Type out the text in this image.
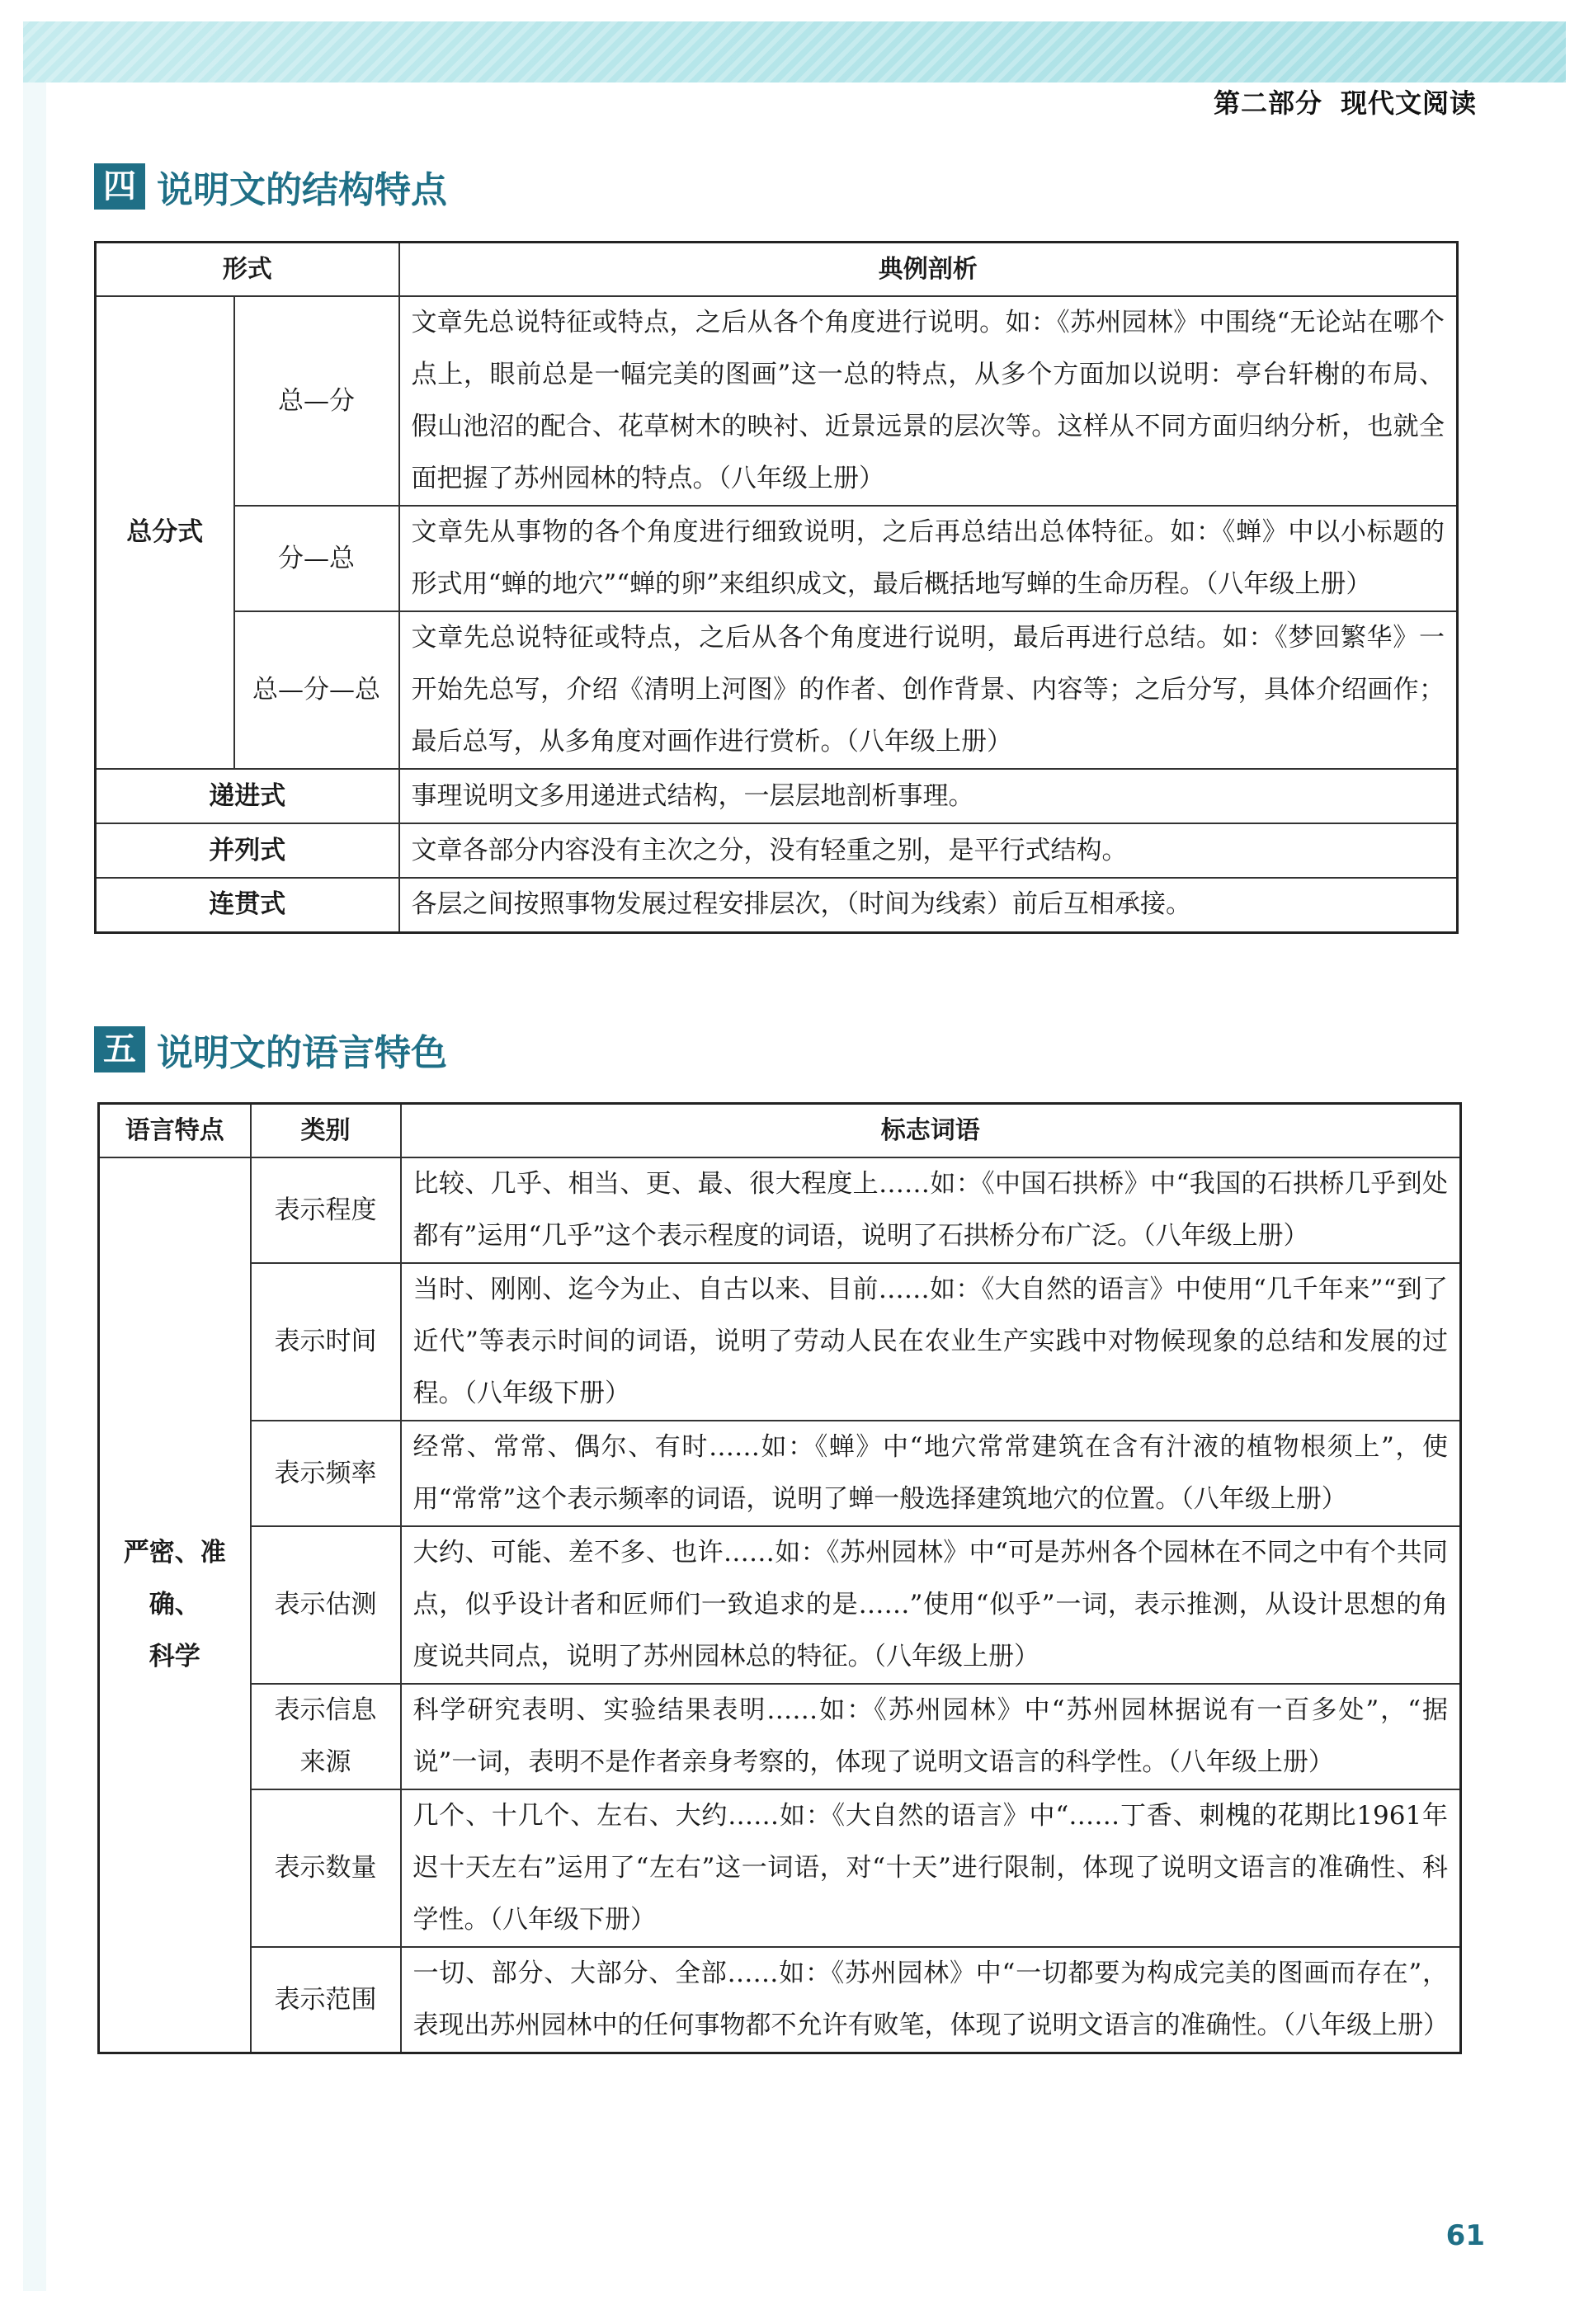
第二部分 现代文阅读
四 说明文的结构特点
形式		典例剖析
总分式	总—分	文章先总说特征或特点，之后从各个角度进行说明。如：《苏州园林》中围绕“无论站在哪个点上，眼前总是一幅完美的图画”这一总的特点，从多个方面加以说明：亭台轩榭的布局、假山池沼的配合、花草树木的映衬、近景远景的层次等。这样从不同方面归纳分析，也就全面把握了苏州园林的特点。（八年级上册）
	分—总	文章先从事物的各个角度进行细致说明，之后再总结出总体特征。如：《蝉》中以小标题的形式用“蝉的地穴”“蝉的卵”来组织成文，最后概括地写蝉的生命历程。（八年级上册）
	总—分—总	文章先总说特征或特点，之后从各个角度进行说明，最后再进行总结。如：《梦回繁华》一开始先总写，介绍《清明上河图》的作者、创作背景、内容等；之后分写，具体介绍画作；最后总写，从多角度对画作进行赏析。（八年级上册）
递进式		事理说明文多用递进式结构，一层层地剖析事理。
并列式		文章各部分内容没有主次之分，没有轻重之别，是平行式结构。
连贯式		各层之间按照事物发展过程安排层次，（时间为线索）前后互相承接。
五 说明文的语言特色
语言特点	类别	标志词语

严密、准确、
科学	表示程度	比较、几乎、相当、更、最、很大程度上……如：《中国石拱桥》中“我国的石拱桥几乎到处都有”运用“几乎”这个表示程度的词语，说明了石拱桥分布广泛。（八年级上册）
	表示时间	当时、刚刚、迄今为止、自古以来、目前……如：《大自然的语言》中使用“几千年来”“到了近代”等表示时间的词语，说明了劳动人民在农业生产实践中对物候现象的总结和发展的过程。（八年级下册）
	表示频率	经常、常常、偶尔、有时……如：《蝉》中“地穴常常建筑在含有汁液的植物根须上”，使用“常常”这个表示频率的词语，说明了蝉一般选择建筑地穴的位置。（八年级上册）
	表示估测	大约、可能、差不多、也许……如：《苏州园林》中“可是苏州各个园林在不同之中有个共同点，似乎设计者和匠师们一致追求的是……”使用“似乎”一词，表示推测，从设计思想的角度说共同点，说明了苏州园林总的特征。（八年级上册）
	表示信息来源	科学研究表明、实验结果表明……如：《苏州园林》中“苏州园林据说有一百多处”，“据说”一词，表明不是作者亲身考察的，体现了说明文语言的科学性。（八年级上册）
	表示数量	几个、十几个、左右、大约……如：《大自然的语言》中“……丁香、刺槐的花期比1961年迟十天左右”运用了“左右”这一词语，对“十天”进行限制，体现了说明文语言的准确性、科学性。（八年级下册）
	表示范围	一切、部分、大部分、全部……如：《苏州园林》中“一切都要为构成完美的图画而存在”，表现出苏州园林中的任何事物都不允许有败笔，体现了说明文语言的准确性。（八年级上册）
61
